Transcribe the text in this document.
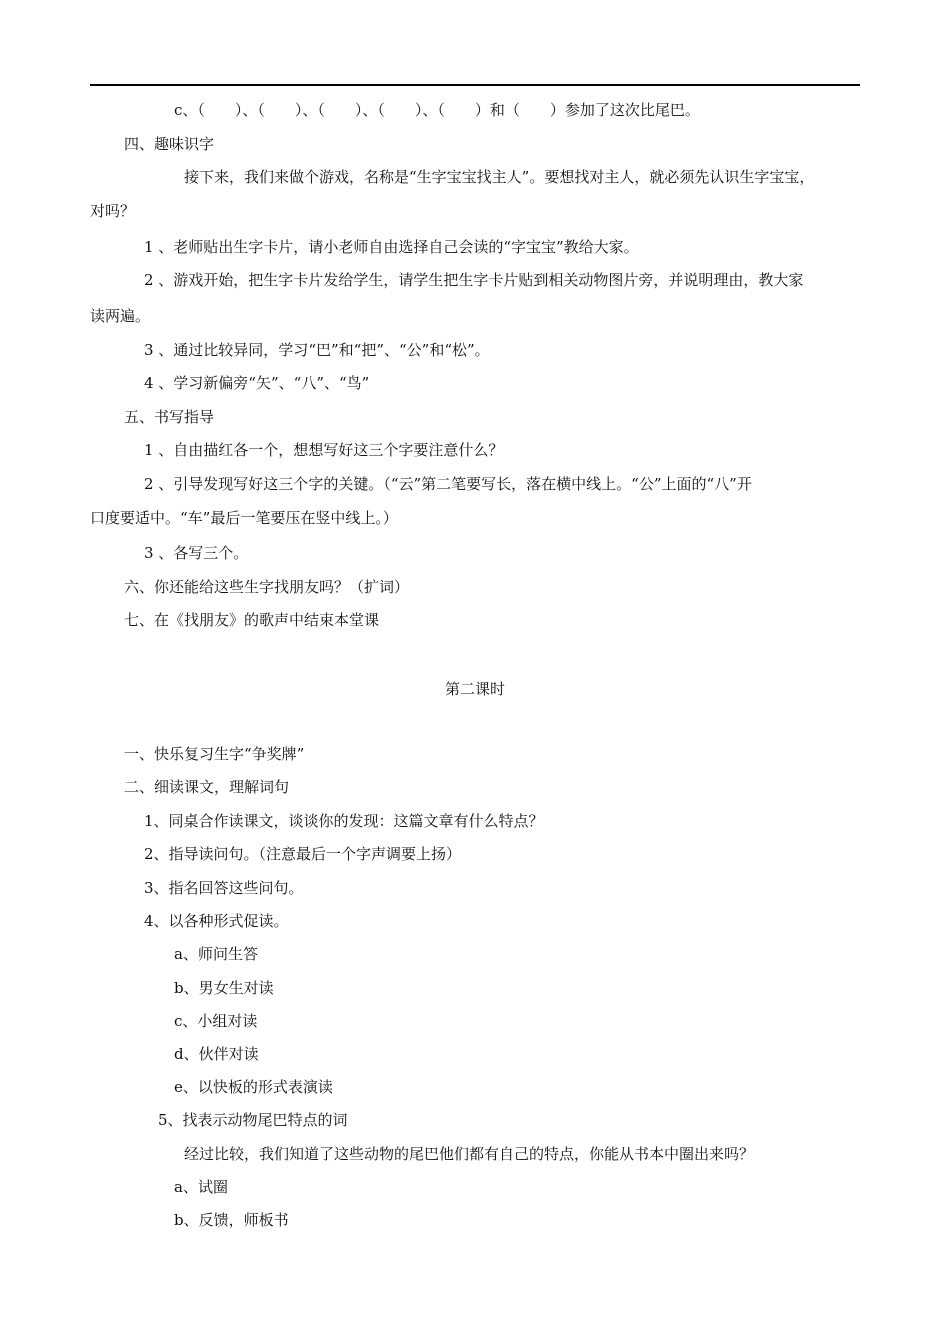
c、（　　）、（　　）、（　　）、（　　）、（　　）和（　　）参加了这次比尾巴。
四、趣味识字
接下来，我们来做个游戏，名称是“生字宝宝找主人”。要想找对主人，就必须先认识生字宝宝，
对吗？
1 、老师贴出生字卡片，请小老师自由选择自己会读的“字宝宝”教给大家。
2 、游戏开始，把生字卡片发给学生，请学生把生字卡片贴到相关动物图片旁，并说明理由，教大家
读两遍。
3 、通过比较异同，学习“巴”和“把”、“公”和“松”。
4 、学习新偏旁“矢”、“八”、“鸟”
五、书写指导
1 、自由描红各一个，想想写好这三个字要注意什么？
2 、引导发现写好这三个字的关键。（“云”第二笔要写长，落在横中线上。“公”上面的“八”开
口度要适中。“车”最后一笔要压在竖中线上。）
3 、各写三个。
六、你还能给这些生字找朋友吗？（扩词）
七、在《找朋友》的歌声中结束本堂课
第二课时
一、快乐复习生字“争奖牌”
二、细读课文，理解词句
1、同桌合作读课文，谈谈你的发现：这篇文章有什么特点？
2、指导读问句。（注意最后一个字声调要上扬）
3、指名回答这些问句。
4、以各种形式促读。
a、师问生答
b、男女生对读
c、小组对读
d、伙伴对读
e、以快板的形式表演读
5、找表示动物尾巴特点的词
经过比较，我们知道了这些动物的尾巴他们都有自己的特点，你能从书本中圈出来吗？
a、试圈
b、反馈，师板书
